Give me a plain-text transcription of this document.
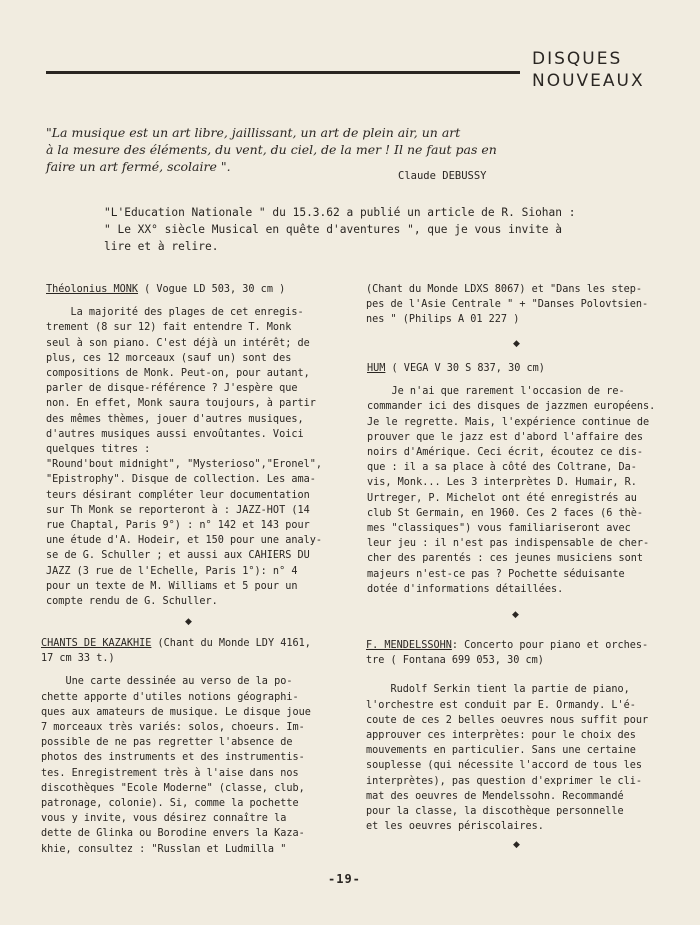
DISQUES
NOUVEAUX
"La musique est un art libre, jaillissant, un art de plein air, un art
à la mesure des éléments, du vent, du ciel, de la mer ! Il ne faut pas en
faire un art fermé, scolaire ".
Claude DEBUSSY
"L'Education Nationale " du 15.3.62 a publié un article de R. Siohan :
" Le XX° siècle Musical en quête d'aventures ", que je vous invite à
lire et à relire.
Théolonius MONK ( Vogue LD 503, 30 cm )
La majorité des plages de cet enregis-
trement (8 sur 12) fait entendre T. Monk
seul à son piano. C'est déjà un intérêt; de
plus, ces 12 morceaux (sauf un) sont des
compositions de Monk. Peut-on, pour autant,
parler de disque-référence ? J'espère que
non. En effet, Monk saura toujours, à partir
des mêmes thèmes, jouer d'autres musiques,
d'autres musiques aussi envoûtantes. Voici
quelques titres :
"Round'bout midnight", "Mysterioso","Eronel",
"Epistrophy". Disque de collection. Les ama-
teurs désirant compléter leur documentation
sur Th Monk se reporteront à : JAZZ-HOT (14
rue Chaptal, Paris 9°) : n° 142 et 143 pour
une étude d'A. Hodeir, et 150 pour une analy-
se de G. Schuller ; et aussi aux CAHIERS DU
JAZZ (3 rue de l'Echelle, Paris 1°): n° 4
pour un texte de M. Williams et 5 pour un
compte rendu de G. Schuller.
◆
CHANTS DE KAZAKHIE (Chant du Monde LDY 4161,
17 cm 33 t.)
Une carte dessinée au verso de la po-
chette apporte d'utiles notions géographi-
ques aux amateurs de musique. Le disque joue
7 morceaux très variés: solos, choeurs. Im-
possible de ne pas regretter l'absence de
photos des instruments et des instrumentis-
tes. Enregistrement très à l'aise dans nos
discothèques "Ecole Moderne" (classe, club,
patronage, colonie). Si, comme la pochette
vous y invite, vous désirez connaître la
dette de Glinka ou Borodine envers la Kaza-
khie, consultez : "Russlan et Ludmilla "
(Chant du Monde LDXS 8067) et "Dans les step-
pes de l'Asie Centrale " + "Danses Polovtsien-
nes " (Philips A 01 227 )
◆
HUM ( VEGA V 30 S 837, 30 cm)
Je n'ai que rarement l'occasion de re-
commander ici des disques de jazzmen européens.
Je le regrette. Mais, l'expérience continue de
prouver que le jazz est d'abord l'affaire des
noirs d'Amérique. Ceci écrit, écoutez ce dis-
que : il a sa place à côté des Coltrane, Da-
vis, Monk... Les 3 interprètes D. Humair, R.
Urtreger, P. Michelot ont été enregistrés au
club St Germain, en 1960. Ces 2 faces (6 thè-
mes "classiques") vous familiariseront avec
leur jeu : il n'est pas indispensable de cher-
cher des parentés : ces jeunes musiciens sont
majeurs n'est-ce pas ? Pochette séduisante
dotée d'informations détaillées.
◆
F. MENDELSSOHN: Concerto pour piano et orches-
tre ( Fontana 699 053, 30 cm)
Rudolf Serkin tient la partie de piano,
l'orchestre est conduit par E. Ormandy. L'é-
coute de ces 2 belles oeuvres nous suffit pour
approuver ces interprètes: pour le choix des
mouvements en particulier. Sans une certaine
souplesse (qui nécessite l'accord de tous les
interprètes), pas question d'exprimer le cli-
mat des oeuvres de Mendelssohn. Recommandé
pour la classe, la discothèque personnelle
et les oeuvres périscolaires.
◆
-19-
